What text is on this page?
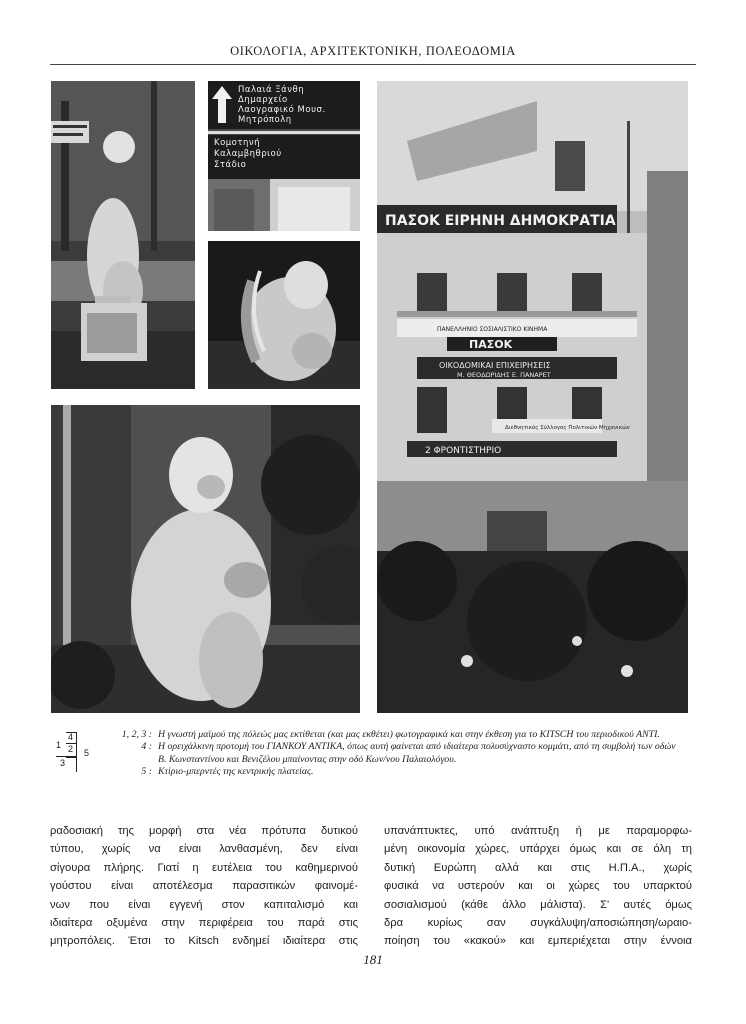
ΟΙΚΟΛΟΓΙΑ, ΑΡΧΙΤΕΚΤΟΝΙΚΗ, ΠΟΛΕΟΔΟΜΙΑ
Παλαιά Ξάνθη
Δημαρχείο
Λαογραφικό Μουσ.
Μητρόπολη
Κομοτηνή
Καλαμβηθριού
Στάδιο
ΠΑΣΟΚ ΕΙΡΗΝΗ ΔΗΜΟΚΡΑΤΙΑ
ΠΑΝΕΛΛΗΝΙΟ ΣΟΣΙΑΛΙΣΤΙΚΟ ΚΙΝΗΜΑ
ΠΑΣΟΚ
ΟΙΚΟΔΟΜΙΚΑΙ ΕΠΙΧΕΙΡΗΣΕΙΣ
Μ. ΘΕΟΔΩΡΙΔΗΣ Ε. ΠΑΝΑΡΕΤ
Διεθνητικός Σύλλογος Πολιτικών Μηχανικών
2 ΦΡΟΝΤΙΣΤΗΡΙΟ
4
1 2 5
3
1, 2, 3 : Η γνωστή μαϊμού της πόλεώς μας εκτίθεται (και μας εκθέτει) φωτογραφικά και στην έκθεση για το KITSCH του περιοδικού ANTI.
4 : Η ορειχάλκινη προτομή του ΓΙΑΝΚΟΥ ΑΝΤΙΚΑ, όπως αυτή φαίνεται από ιδιαίτερα πολυσύχναστο κομμάτι, από τη συμβολή των οδών Β. Κωνσταντίνου και Βενιζέλου μπαίνοντας στην οδό Κων/νου Παλαιολόγου.
5 : Κτίριο-μπερντές της κεντρικής πλατείας.
ραδοσιακή της μορφή στα νέα πρότυπα δυτικού
τύπου, χωρίς να είναι λανθασμένη, δεν είναι
σίγουρα πλήρης. Γιατί η ευτέλεια του καθημερινού
γούστου είναι αποτέλεσμα παρασιτικών φαινομέ-
νων που είναι εγγενή στον καπιταλισμό και
ιδιαίτερα οξυμένα στην περιφέρεια του παρά στις
μητροπόλεις. Έτσι το Kitsch ενδημεί ιδιαίτερα στις
υπανάπτυκτες, υπό ανάπτυξη ή με παραμορφω-
μένη οικονομία χώρες, υπάρχει όμως και σε όλη τη
δυτική Ευρώπη αλλά και στις Η.Π.Α., χωρίς
φυσικά να υστερούν και οι χώρες του υπαρκτού
σοσιαλισμού (κάθε άλλο μάλιστα). Σ' αυτές όμως
δρα κυρίως σαν συγκάλυψη/αποσιώπηση/ωραιο-
ποίηση του «κακού» και εμπεριέχεται στην έννοια
181
